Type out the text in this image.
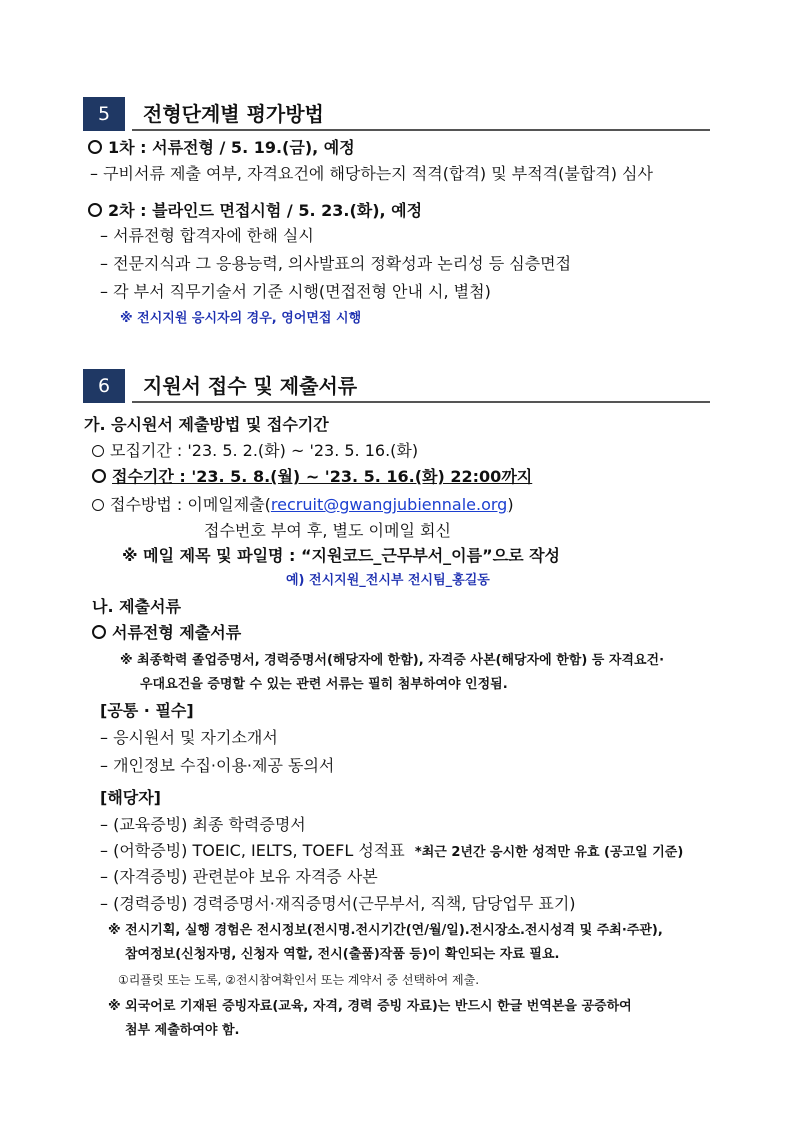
5	전형단계별 평가방법
1차 : 서류전형 / 5. 19.(금), 예정
– 구비서류 제출 여부, 자격요건에 해당하는지 적격(합격) 및 부적격(불합격) 심사
2차 : 블라인드 면접시험 / 5. 23.(화), 예정
– 서류전형 합격자에 한해 실시
– 전문지식과 그 응용능력, 의사발표의 정확성과 논리성 등 심층면접
– 각 부서 직무기술서 기준 시행(면접전형 안내 시, 별첨)
※ 전시지원 응시자의 경우, 영어면접 시행
6	지원서 접수 및 제출서류
가. 응시원서 제출방법 및 접수기간
모집기간 : '23. 5. 2.(화) ~ '23. 5. 16.(화)
접수기간 : '23. 5. 8.(월) ~ '23. 5. 16.(화) 22:00까지
접수방법 : 이메일제출(recruit@gwangjubiennale.org)
접수번호 부여 후, 별도 이메일 회신
※ 메일 제목 및 파일명 : “지원코드_근무부서_이름”으로 작성
예) 전시지원_전시부 전시팀_홍길동
나. 제출서류
서류전형 제출서류
※ 최종학력 졸업증명서, 경력증명서(해당자에 한함), 자격증 사본(해당자에 한함) 등 자격요건·
우대요건을 증명할 수 있는 관련 서류는 필히 첨부하여야 인정됨.
[공통 · 필수]
– 응시원서 및 자기소개서
– 개인정보 수집·이용·제공 동의서
[해당자]
– (교육증빙) 최종 학력증명서
– (어학증빙) TOEIC, IELTS, TOEFL 성적표 *최근 2년간 응시한 성적만 유효 (공고일 기준)
– (자격증빙) 관련분야 보유 자격증 사본
– (경력증빙) 경력증명서·재직증명서(근무부서, 직책, 담당업무 표기)
※ 전시기획, 실행 경험은 전시정보(전시명.전시기간(연/월/일).전시장소.전시성격 및 주최·주관),
참여정보(신청자명, 신청자 역할, 전시(출품)작품 등)이 확인되는 자료 필요.
①리플릿 또는 도록, ②전시참여확인서 또는 계약서 중 선택하여 제출.
※ 외국어로 기재된 증빙자료(교육, 자격, 경력 증빙 자료)는 반드시 한글 번역본을 공증하여
첨부 제출하여야 함.
